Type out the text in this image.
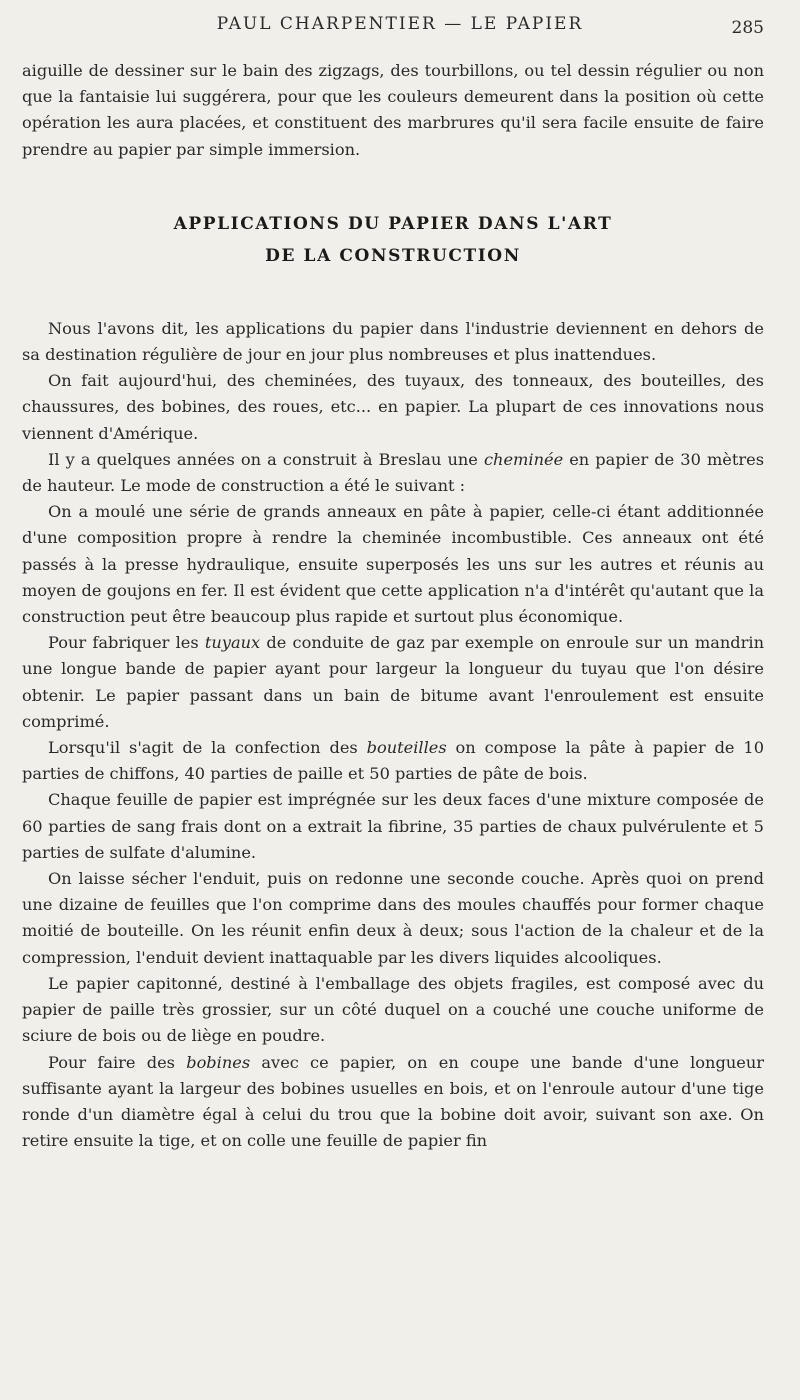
PAUL CHARPENTIER — LE PAPIER	285

aiguille de dessiner sur le bain des zigzags, des tourbillons, ou tel dessin régulier ou non que la fantaisie lui suggérera, pour que les couleurs demeurent dans la position où cette opération les aura placées, et constituent des marbrures qu'il sera facile ensuite de faire prendre au papier par simple immersion.

APPLICATIONS DU PAPIER DANS L'ART
DE LA CONSTRUCTION

Nous l'avons dit, les applications du papier dans l'industrie deviennent en dehors de sa destination régulière de jour en jour plus nombreuses et plus inattendues.

On fait aujourd'hui, des cheminées, des tuyaux, des tonneaux, des bouteilles, des chaussures, des bobines, des roues, etc... en papier. La plupart de ces innovations nous viennent d'Amérique.

Il y a quelques années on a construit à Breslau une cheminée en papier de 30 mètres de hauteur. Le mode de construction a été le suivant :

On a moulé une série de grands anneaux en pâte à papier, celle-ci étant additionnée d'une composition propre à rendre la cheminée incombustible. Ces anneaux ont été passés à la presse hydraulique, ensuite superposés les uns sur les autres et réunis au moyen de goujons en fer. Il est évident que cette application n'a d'intérêt qu'autant que la construction peut être beaucoup plus rapide et surtout plus économique.

Pour fabriquer les tuyaux de conduite de gaz par exemple on enroule sur un mandrin une longue bande de papier ayant pour largeur la longueur du tuyau que l'on désire obtenir. Le papier passant dans un bain de bitume avant l'enroulement est ensuite comprimé.

Lorsqu'il s'agit de la confection des bouteilles on compose la pâte à papier de 10 parties de chiffons, 40 parties de paille et 50 parties de pâte de bois.

Chaque feuille de papier est imprégnée sur les deux faces d'une mixture composée de 60 parties de sang frais dont on a extrait la fibrine, 35 parties de chaux pulvérulente et 5 parties de sulfate d'alumine.

On laisse sécher l'enduit, puis on redonne une seconde couche. Après quoi on prend une dizaine de feuilles que l'on comprime dans des moules chauffés pour former chaque moitié de bouteille. On les réunit enfin deux à deux; sous l'action de la chaleur et de la compression, l'enduit devient inattaquable par les divers liquides alcooliques.

Le papier capitonné, destiné à l'emballage des objets fragiles, est composé avec du papier de paille très grossier, sur un côté duquel on a couché une couche uniforme de sciure de bois ou de liège en poudre.

Pour faire des bobines avec ce papier, on en coupe une bande d'une longueur suffisante ayant la largeur des bobines usuelles en bois, et on l'enroule autour d'une tige ronde d'un diamètre égal à celui du trou que la bobine doit avoir, suivant son axe. On retire ensuite la tige, et on colle une feuille de papier fin
